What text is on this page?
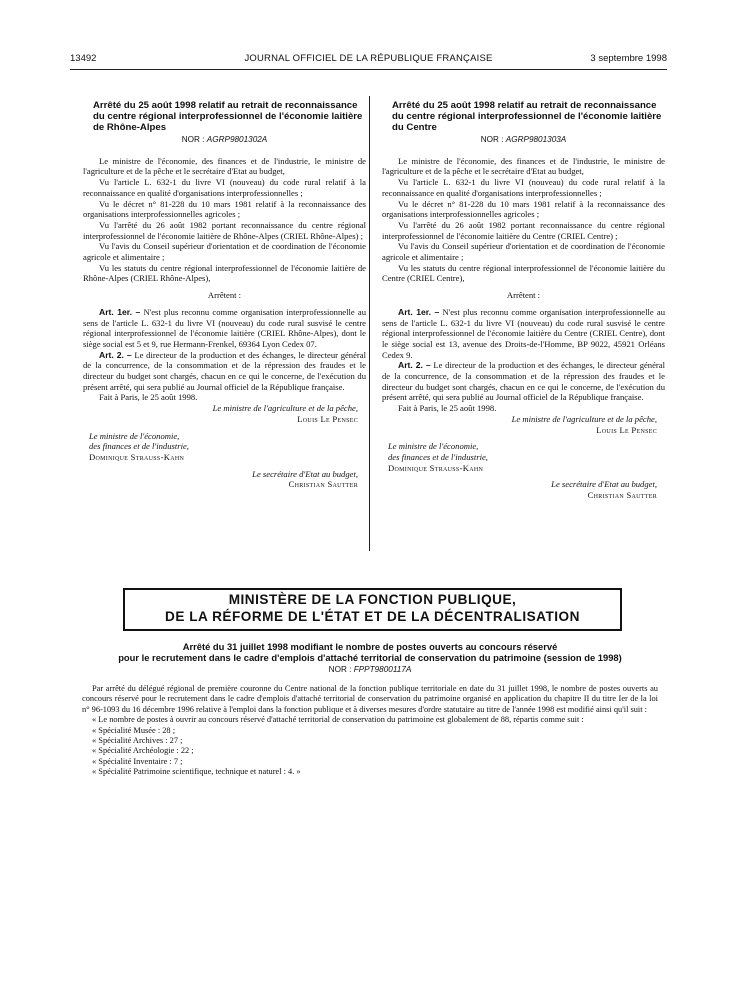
13492	JOURNAL OFFICIEL DE LA RÉPUBLIQUE FRANÇAISE	3 septembre 1998
Arrêté du 25 août 1998 relatif au retrait de reconnaissance du centre régional interprofessionnel de l'économie laitière de Rhône-Alpes
NOR : AGRP9801302A

Le ministre de l'économie, des finances et de l'industrie, le ministre de l'agriculture et de la pêche et le secrétaire d'Etat au budget,

Vu l'article L. 632-1 du livre VI (nouveau) du code rural relatif à la reconnaissance en qualité d'organisations interprofessionnelles ;

Vu le décret n° 81-228 du 10 mars 1981 relatif à la reconnaissance des organisations interprofessionnelles agricoles ;

Vu l'arrêté du 26 août 1982 portant reconnaissance du centre régional interprofessionnel de l'économie laitière de Rhône-Alpes (CRIEL Rhône-Alpes) ;

Vu l'avis du Conseil supérieur d'orientation et de coordination de l'économie agricole et alimentaire ;

Vu les statuts du centre régional interprofessionnel de l'économie laitière de Rhône-Alpes (CRIEL Rhône-Alpes),

Arrêtent :

Art. 1er. – N'est plus reconnu comme organisation interprofessionnelle au sens de l'article L. 632-1 du livre VI (nouveau) du code rural susvisé le centre régional interprofessionnel de l'économie laitière (CRIEL Rhône-Alpes), dont le siège social est 5 et 9, rue Hermann-Frenkel, 69364 Lyon Cedex 07.

Art. 2. – Le directeur de la production et des échanges, le directeur général de la concurrence, de la consommation et de la répression des fraudes et le directeur du budget sont chargés, chacun en ce qui le concerne, de l'exécution du présent arrêté, qui sera publié au Journal officiel de la République française.

Fait à Paris, le 25 août 1998.

Le ministre de l'agriculture et de la pêche,

Louis Le Pensec

Le ministre de l'économie,

des finances et de l'industrie,

Dominique Strauss-Kahn

Le secrétaire d'Etat au budget,

Christian Sautter

Arrêté du 25 août 1998 relatif au retrait de reconnaissance du centre régional interprofessionnel de l'économie laitière du Centre
NOR : AGRP9801303A

Le ministre de l'économie, des finances et de l'industrie, le ministre de l'agriculture et de la pêche et le secrétaire d'Etat au budget,

Vu l'article L. 632-1 du livre VI (nouveau) du code rural relatif à la reconnaissance en qualité d'organisations interprofessionnelles ;

Vu le décret n° 81-228 du 10 mars 1981 relatif à la reconnaissance des organisations interprofessionnelles agricoles ;

Vu l'arrêté du 26 août 1982 portant reconnaissance du centre régional interprofessionnel de l'économie laitière du Centre (CRIEL Centre) ;

Vu l'avis du Conseil supérieur d'orientation et de coordination de l'économie agricole et alimentaire ;

Vu les statuts du centre régional interprofessionnel de l'économie laitière du Centre (CRIEL Centre),

Arrêtent :

Art. 1er. – N'est plus reconnu comme organisation interprofessionnelle au sens de l'article L. 632-1 du livre VI (nouveau) du code rural susvisé le centre régional interprofessionnel de l'économie laitière du Centre (CRIEL Centre), dont le siège social est 13, avenue des Droits-de-l'Homme, BP 9022, 45921 Orléans Cedex 9.

Art. 2. – Le directeur de la production et des échanges, le directeur général de la concurrence, de la consommation et de la répression des fraudes et le directeur du budget sont chargés, chacun en ce qui le concerne, de l'exécution du présent arrêté, qui sera publié au Journal officiel de la République française.

Fait à Paris, le 25 août 1998.

Le ministre de l'agriculture et de la pêche,

Louis Le Pensec

Le ministre de l'économie,

des finances et de l'industrie,

Dominique Strauss-Kahn

Le secrétaire d'Etat au budget,

Christian Sautter

MINISTÈRE DE LA FONCTION PUBLIQUE,
DE LA RÉFORME DE L'ÉTAT ET DE LA DÉCENTRALISATION
Arrêté du 31 juillet 1998 modifiant le nombre de postes ouverts au concours réservé
pour le recrutement dans le cadre d'emplois d'attaché territorial de conservation du patrimoine (session de 1998)
NOR : FPPT9800117A

Par arrêté du délégué régional de première couronne du Centre national de la fonction publique territoriale en date du 31 juillet 1998, le nombre de postes ouverts au concours réservé pour le recrutement dans le cadre d'emplois d'attaché territorial de conservation du patrimoine organisé en application du chapitre II du titre Ier de la loi n° 96-1093 du 16 décembre 1996 relative à l'emploi dans la fonction publique et à diverses mesures d'ordre statutaire au titre de l'année 1998 est modifié ainsi qu'il suit :

« Le nombre de postes à ouvrir au concours réservé d'attaché territorial de conservation du patrimoine est globalement de 88, répartis comme suit :

« Spécialité Musée : 28 ;
« Spécialité Archives : 27 ;
« Spécialité Archéologie : 22 ;
« Spécialité Inventaire : 7 ;
« Spécialité Patrimoine scientifique, technique et naturel : 4. »
